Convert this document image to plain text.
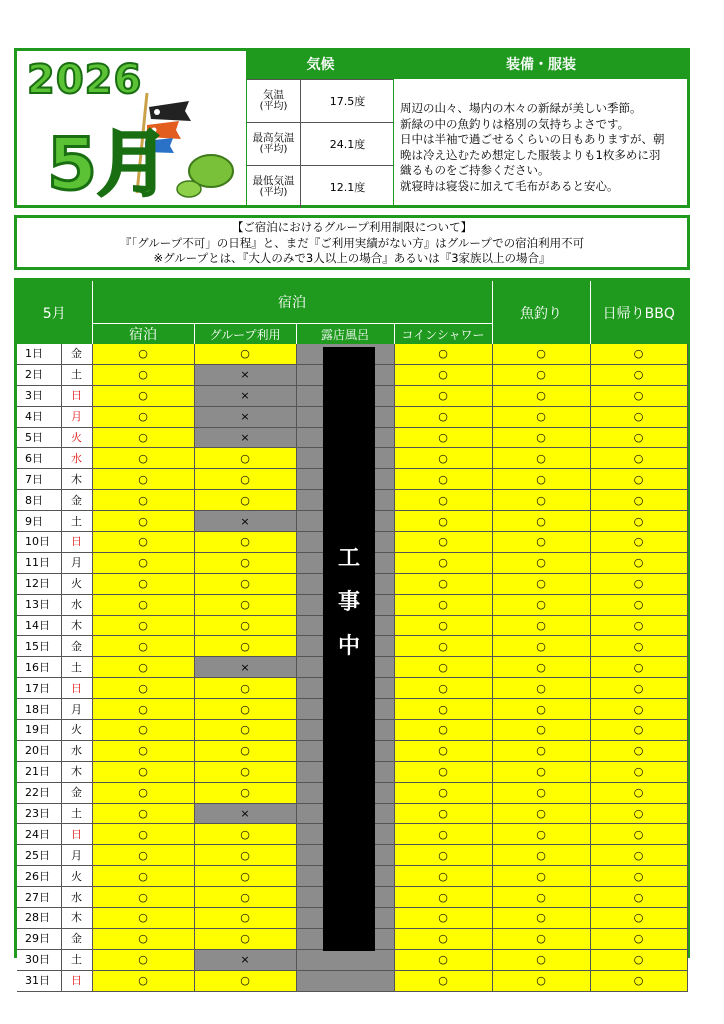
2026
5月
気候
気温
(平均)	17.5度
最高気温
(平均)	24.1度
最低気温
(平均)	12.1度
装備・服装
周辺の山々、場内の木々の新緑が美しい季節。
新緑の中の魚釣りは格別の気持ちよさです。
日中は半袖で過ごせるくらいの日もありますが、朝
晩は冷え込むため想定した服装よりも1枚多めに羽
織るものをご持参ください。
就寝時は寝袋に加えて毛布があると安心。
【ご宿泊におけるグループ利用制限について】
『「グループ不可」の日程』と、まだ『ご利用実績がない方』はグループでの宿泊利用不可
※グループとは、『大人のみで3人以上の場合』あるいは『3家族以上の場合』
5月		宿泊				魚釣り	日帰りBBQ
		宿泊	グループ利用	露店風呂	コインシャワー		
1日	金	○	○		○	○	○
2日	土	○	×		○	○	○
3日	日	○	×		○	○	○
4日	月	○	×		○	○	○
5日	火	○	×		○	○	○
6日	水	○	○		○	○	○
7日	木	○	○		○	○	○
8日	金	○	○		○	○	○
9日	土	○	×		○	○	○
10日	日	○	○		○	○	○
11日	月	○	○		○	○	○
12日	火	○	○		○	○	○
13日	水	○	○		○	○	○
14日	木	○	○		○	○	○
15日	金	○	○		○	○	○
16日	土	○	×		○	○	○
17日	日	○	○		○	○	○
18日	月	○	○		○	○	○
19日	火	○	○		○	○	○
20日	水	○	○		○	○	○
21日	木	○	○		○	○	○
22日	金	○	○		○	○	○
23日	土	○	×		○	○	○
24日	日	○	○		○	○	○
25日	月	○	○		○	○	○
26日	火	○	○		○	○	○
27日	水	○	○		○	○	○
28日	木	○	○		○	○	○
29日	金	○	○		○	○	○
30日	土	○	×		○	○	○
31日	日	○	○		○	○	○
工
事
中
